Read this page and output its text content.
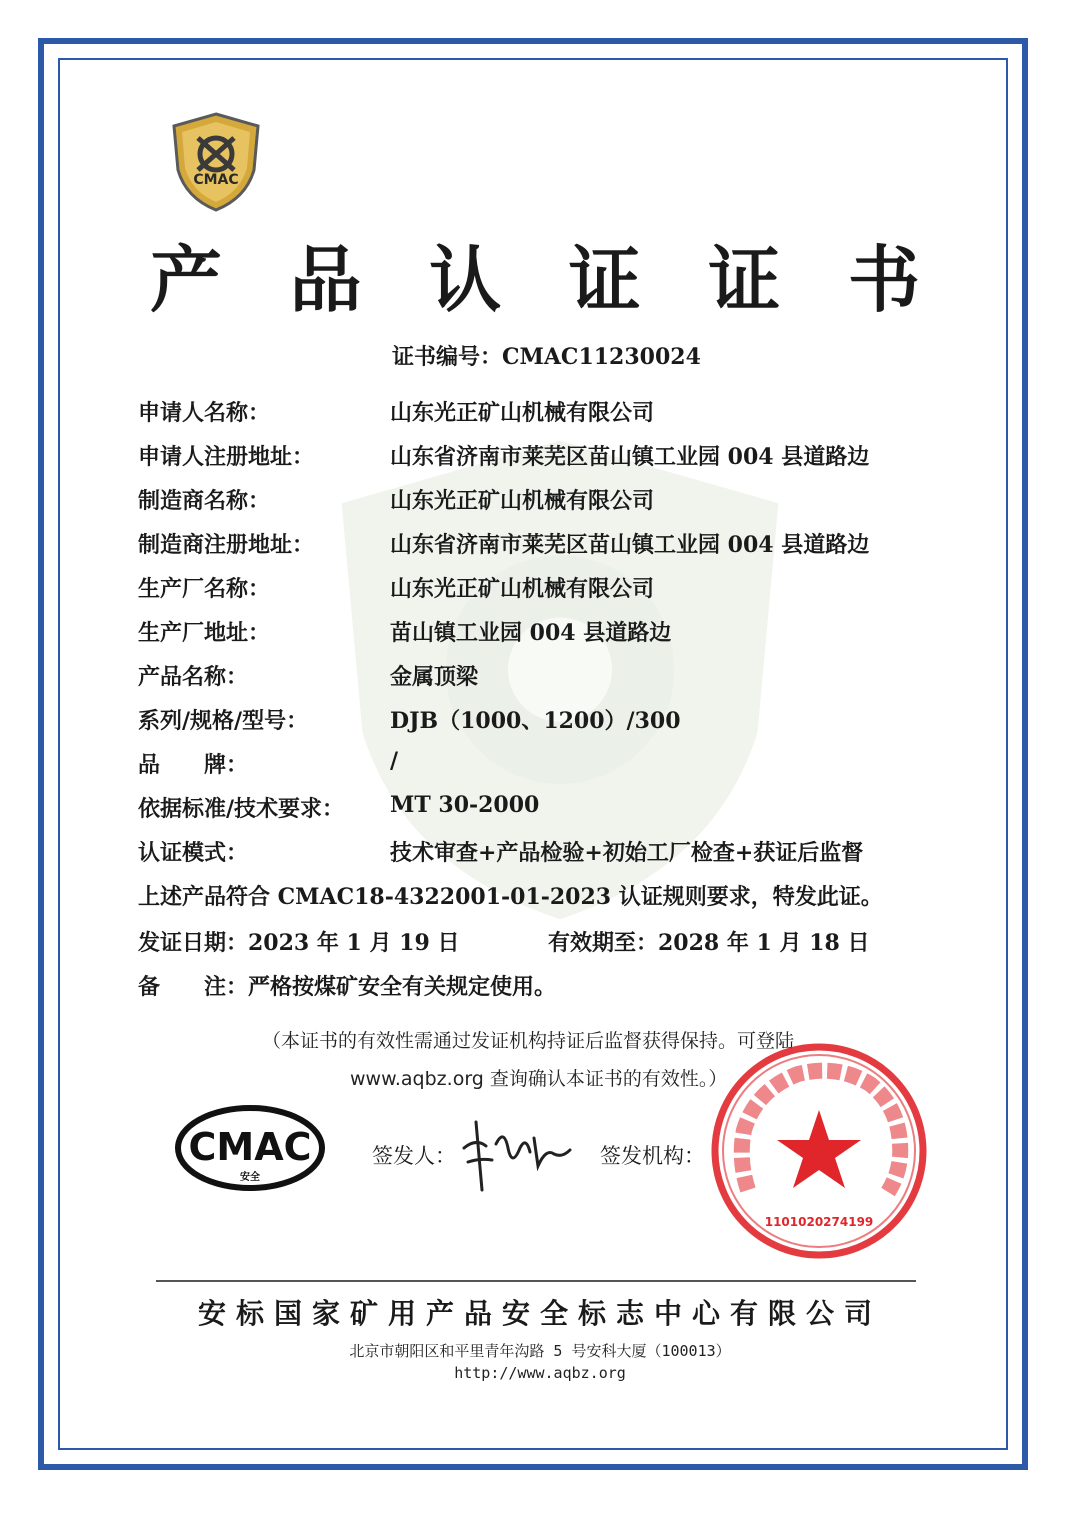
CMAC
产 品 认 证 证 书
证书编号：CMAC11230024
申请人名称：	山东光正矿山机械有限公司
申请人注册地址：	山东省济南市莱芜区苗山镇工业园 004 县道路边
制造商名称：	山东光正矿山机械有限公司
制造商注册地址：	山东省济南市莱芜区苗山镇工业园 004 县道路边
生产厂名称：	山东光正矿山机械有限公司
生产厂地址：	苗山镇工业园 004 县道路边
产品名称：	金属顶梁
系列/规格/型号：	DJB（1000、1200）/300
品　　牌：	/
依据标准/技术要求： MT 30-2000
认证模式：	技术审查+产品检验+初始工厂检查+获证后监督
上述产品符合 CMAC18-4322001-01-2023 认证规则要求，特发此证。
发证日期：2023 年 1 月 19 日	有效期至：2028 年 1 月 18 日
备　　注：严格按煤矿安全有关规定使用。
（本证书的有效性需通过发证机构持证后监督获得保持。可登陆
www.aqbz.org 查询确认本证书的有效性。）
CMAC
安全
签发人：	签发机构：
1101020274199
安标国家矿用产品安全标志中心有限公司
北京市朝阳区和平里青年沟路 5 号安科大厦（100013）
http://www.aqbz.org
